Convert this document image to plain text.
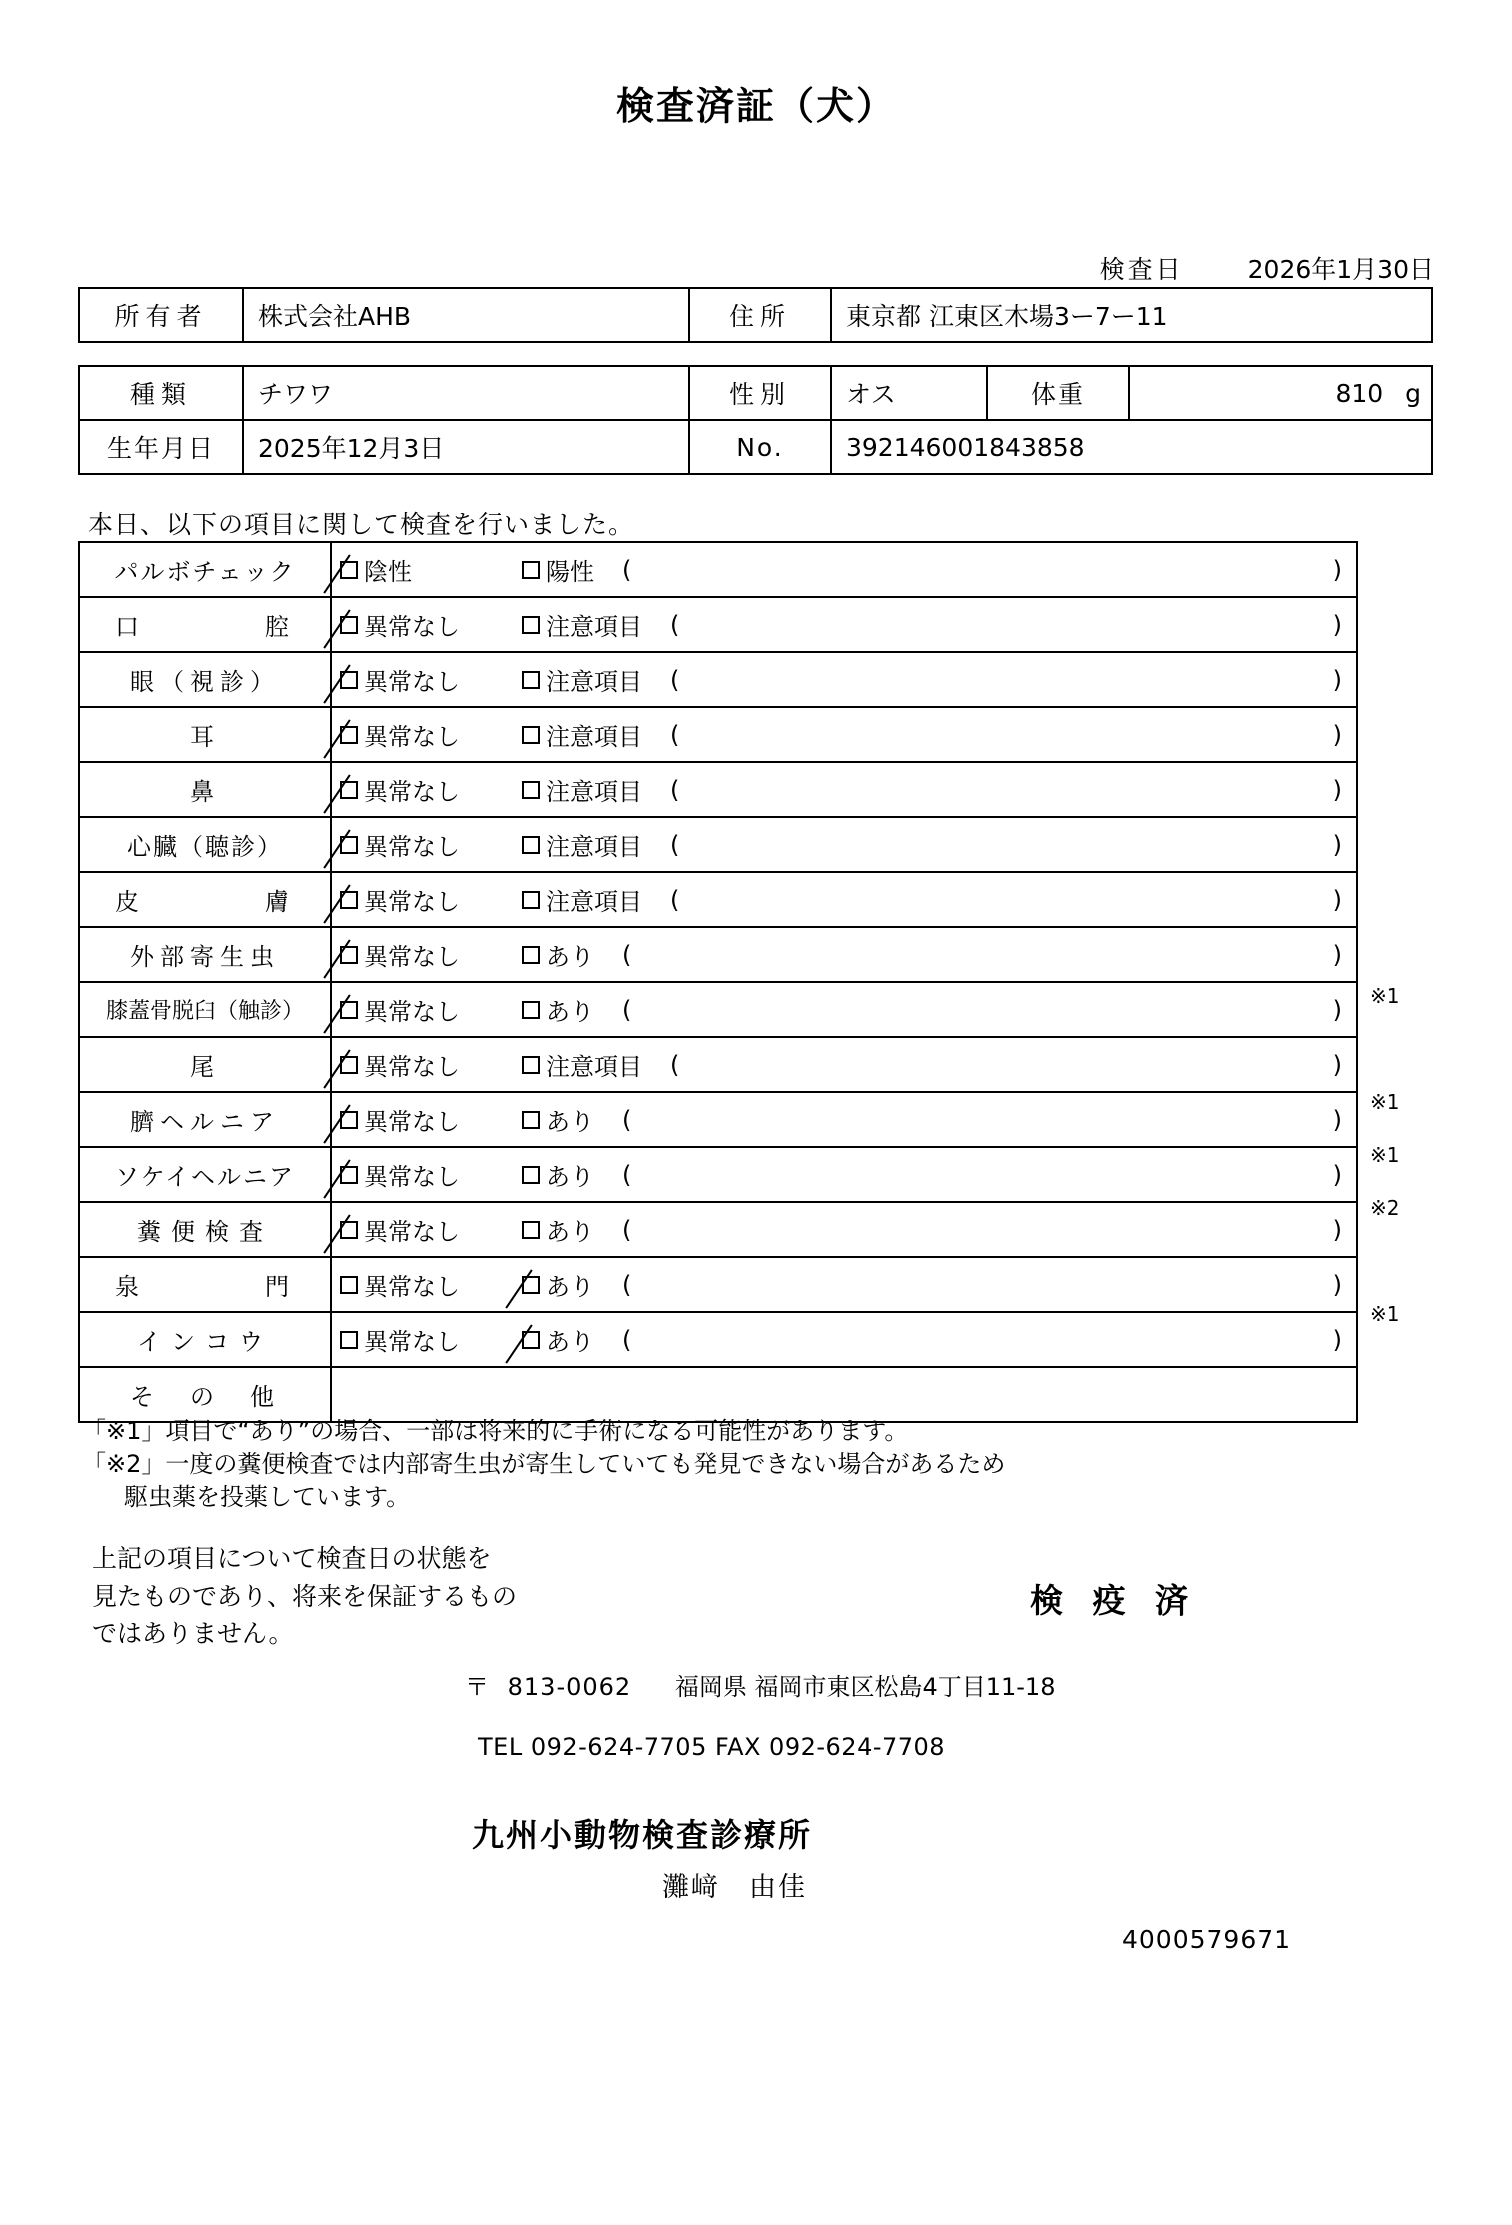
検査済証（犬）
検査日	2026年1月30日
所有者	株式会社AHB	住所	東京都 江東区木場3ー7ー11
種類	チワワ	性別	オス	体重	810 g
生年月日	2025年12月3日	No.	392146001843858		
本日、以下の項目に関して検査を行いました。
パルボチェック	陰性 陽性 ( )

口　　　　腔	異常なし 注意項目 ( )

眼（視診）	異常なし 注意項目 ( )

耳	異常なし 注意項目 ( )

鼻	異常なし 注意項目 ( )

心臓（聴診）	異常なし 注意項目 ( )

皮　　　　膚	異常なし 注意項目 ( )

外部寄生虫	異常なし あり ( )

膝蓋骨脱臼（触診）	異常なし あり ( )

尾	異常なし 注意項目 ( )

臍ヘルニア	異常なし あり ( )

ソケイヘルニア	異常なし あり ( )

糞便検査	異常なし あり ( )

泉　　　　門	異常なし あり ( )

インコウ	異常なし あり ( )

そ　の　他	
「※1」項目で“あり”の場合、一部は将来的に手術になる可能性があります。
「※2」一度の糞便検査では内部寄生虫が寄生していても発見できない場合があるため
駆虫薬を投薬しています。
上記の項目について検査日の状態を
見たものであり、将来を保証するもの
ではありません。
検 疫 済
〒 813-0062 福岡県 福岡市東区松島4丁目11-18
TEL 092-624-7705 FAX 092-624-7708
九州小動物検査診療所
灘﨑　由佳
4000579671
※1
※1
※1
※2
※1
